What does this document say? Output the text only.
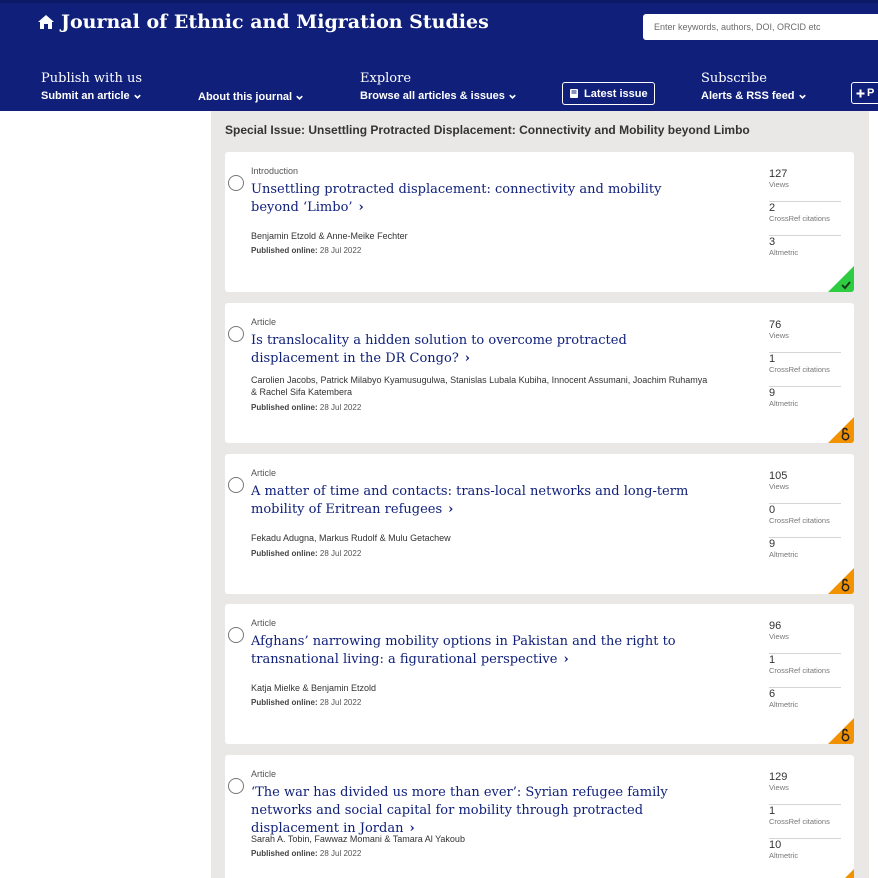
Journal of Ethnic and Migration Studies
Enter keywords, authors, DOI, ORCID etc
Publish with us
Submit an article	About this journal
Explore
Browse all articles & issues	Latest issue
Subscribe
Alerts & RSS feed	P
Special Issue: Unsettling Protracted Displacement: Connectivity and Mobility beyond Limbo
Introduction
Unsettling protracted displacement: connectivity and mobility beyond ‘Limbo’ ›
Benjamin Etzold & Anne-Meike Fechter
Published online: 28 Jul 2022
127
Views
2
CrossRef citations
3
Altmetric
Article
Is translocality a hidden solution to overcome protracted displacement in the DR Congo? ›
Carolien Jacobs, Patrick Milabyo Kyamusugulwa, Stanislas Lubala Kubiha, Innocent Assumani, Joachim Ruhamya & Rachel Sifa Katembera
Published online: 28 Jul 2022
76
Views
1
CrossRef citations
9
Altmetric
Article
A matter of time and contacts: trans-local networks and long-term mobility of Eritrean refugees ›
Fekadu Adugna, Markus Rudolf & Mulu Getachew
Published online: 28 Jul 2022
105
Views
0
CrossRef citations
9
Altmetric
Article
Afghans’ narrowing mobility options in Pakistan and the right to transnational living: a figurational perspective ›
Katja Mielke & Benjamin Etzold
Published online: 28 Jul 2022
96
Views
1
CrossRef citations
6
Altmetric
Article
‘The war has divided us more than ever’: Syrian refugee family networks and social capital for mobility through protracted displacement in Jordan ›
Sarah A. Tobin, Fawwaz Momani & Tamara Al Yakoub
Published online: 28 Jul 2022
129
Views
1
CrossRef citations
10
Altmetric
